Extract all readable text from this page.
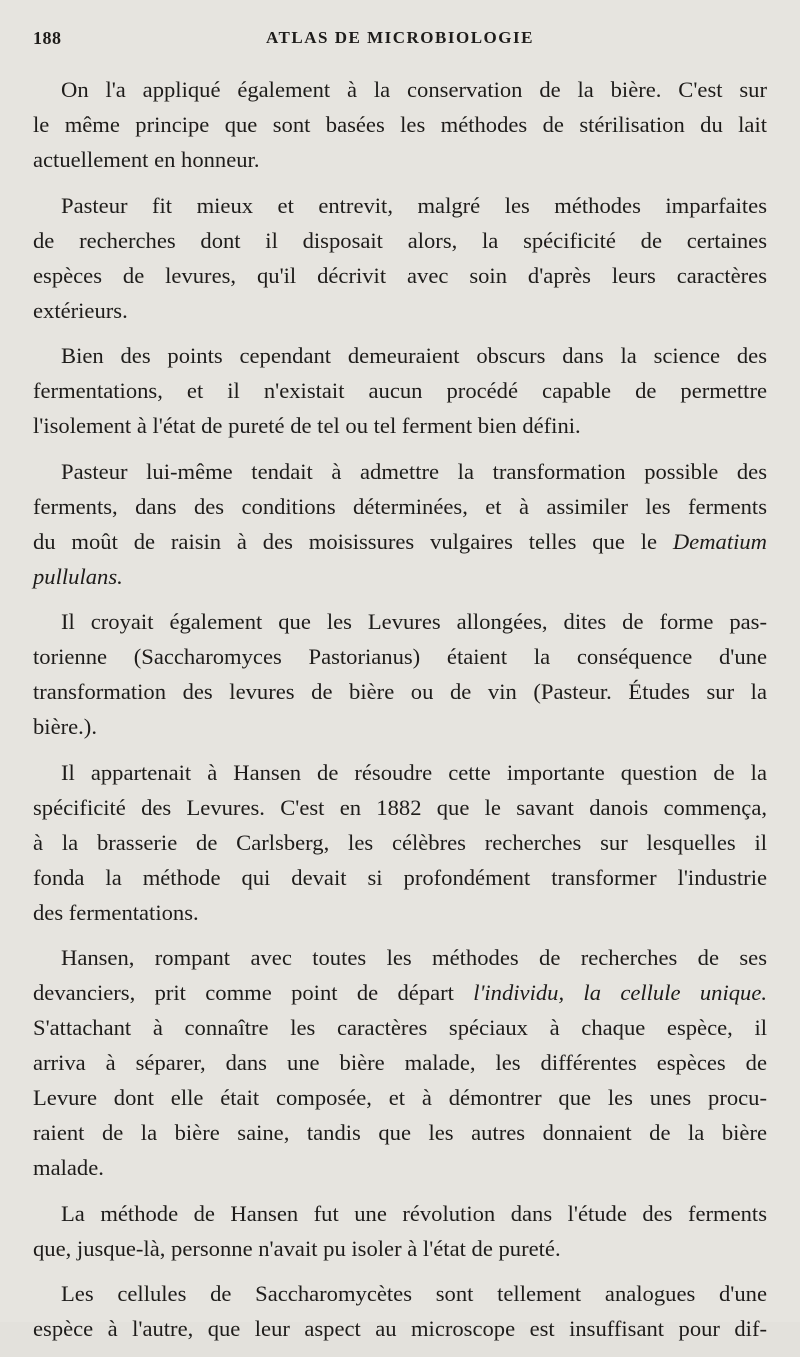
188	ATLAS DE MICROBIOLOGIE

On l'a appliqué également à la conservation de la bière. C'est sur
le même principe que sont basées les méthodes de stérilisation du lait
actuellement en honneur.

Pasteur fit mieux et entrevit, malgré les méthodes imparfaites
de recherches dont il disposait alors, la spécificité de certaines
espèces de levures, qu'il décrivit avec soin d'après leurs caractères
extérieurs.

Bien des points cependant demeuraient obscurs dans la science des
fermentations, et il n'existait aucun procédé capable de permettre
l'isolement à l'état de pureté de tel ou tel ferment bien défini.

Pasteur lui-même tendait à admettre la transformation possible des
ferments, dans des conditions déterminées, et à assimiler les ferments
du moût de raisin à des moisissures vulgaires telles que le Dematium
pullulans.

Il croyait également que les Levures allongées, dites de forme pas-
torienne (Saccharomyces Pastorianus) étaient la conséquence d'une
transformation des levures de bière ou de vin (Pasteur. Études sur la
bière.).

Il appartenait à Hansen de résoudre cette importante question de la
spécificité des Levures. C'est en 1882 que le savant danois commença,
à la brasserie de Carlsberg, les célèbres recherches sur lesquelles il
fonda la méthode qui devait si profondément transformer l'industrie
des fermentations.

Hansen, rompant avec toutes les méthodes de recherches de ses
devanciers, prit comme point de départ l'individu, la cellule unique.
S'attachant à connaître les caractères spéciaux à chaque espèce, il
arriva à séparer, dans une bière malade, les différentes espèces de
Levure dont elle était composée, et à démontrer que les unes procu-
raient de la bière saine, tandis que les autres donnaient de la bière
malade.

La méthode de Hansen fut une révolution dans l'étude des ferments
que, jusque-là, personne n'avait pu isoler à l'état de pureté.

Les cellules de Saccharomycètes sont tellement analogues d'une
espèce à l'autre, que leur aspect au microscope est insuffisant pour dif-
